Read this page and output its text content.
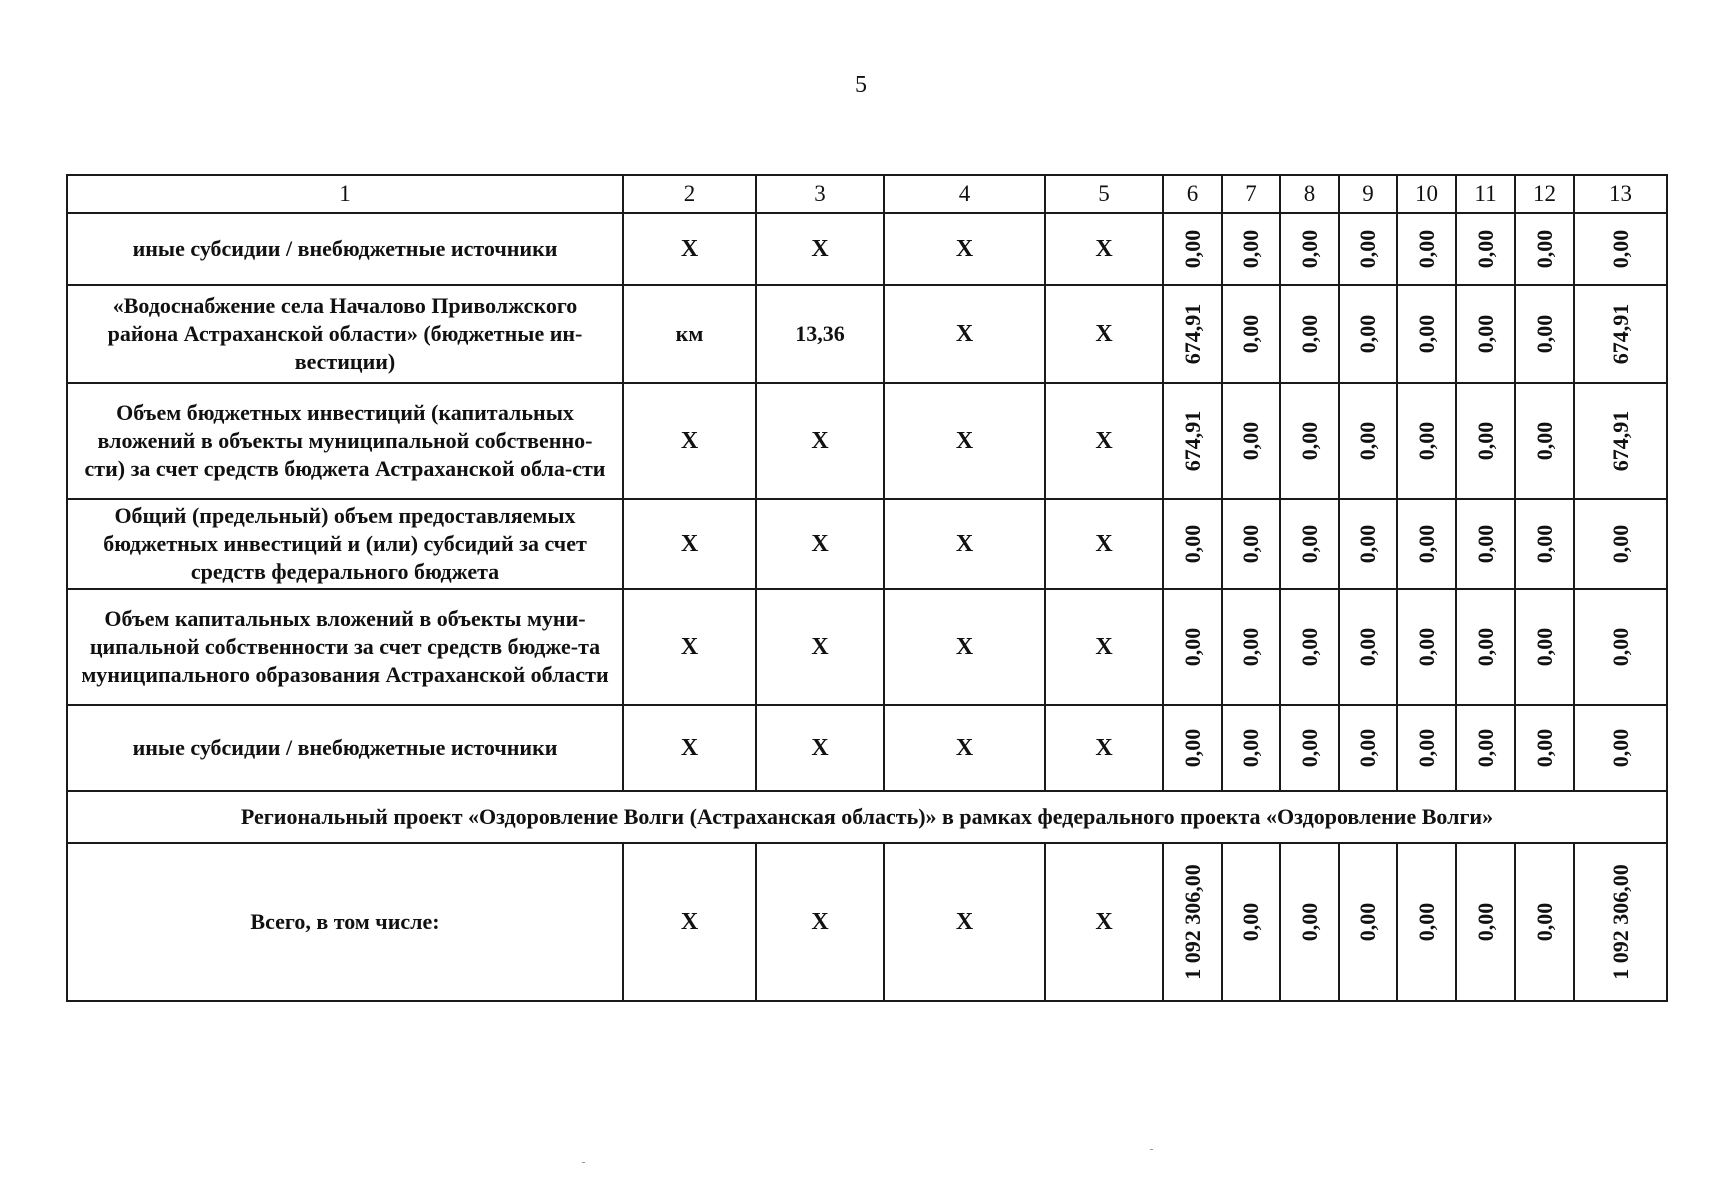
5
1	2	3	4	5	6	7	8	9	10	11	12	13
иные субсидии / внебюджетные источники	X	X	X	X	0,00	0,00	0,00	0,00	0,00	0,00	0,00	0,00

«Водоснабжение села Началово Приволжского района Астраханской области» (бюджетные ин-вестиции)	км	13,36	X	X	674,91	0,00	0,00	0,00	0,00	0,00	0,00	674,91

Объем бюджетных инвестиций (капитальных вложений в объекты муниципальной собственно-сти) за счет средств бюджета Астраханской обла-сти	X	X	X	X	674,91	0,00	0,00	0,00	0,00	0,00	0,00	674,91

Общий (предельный) объем предоставляемых бюджетных инвестиций и (или) субсидий за счет средств федерального бюджета	X	X	X	X	0,00	0,00	0,00	0,00	0,00	0,00	0,00	0,00

Объем капитальных вложений в объекты муни-ципальной собственности за счет средств бюдже-та муниципального образования Астраханской области	X	X	X	X	0,00	0,00	0,00	0,00	0,00	0,00	0,00	0,00

иные субсидии / внебюджетные источники	X	X	X	X	0,00	0,00	0,00	0,00	0,00	0,00	0,00	0,00

Региональный проект «Оздоровление Волги (Астраханская область)» в рамках федерального проекта «Оздоровление Волги»												
Всего, в том числе:	X	X	X	X	1 092 306,00	0,00	0,00	0,00	0,00	0,00	0,00	1 092 306,00
